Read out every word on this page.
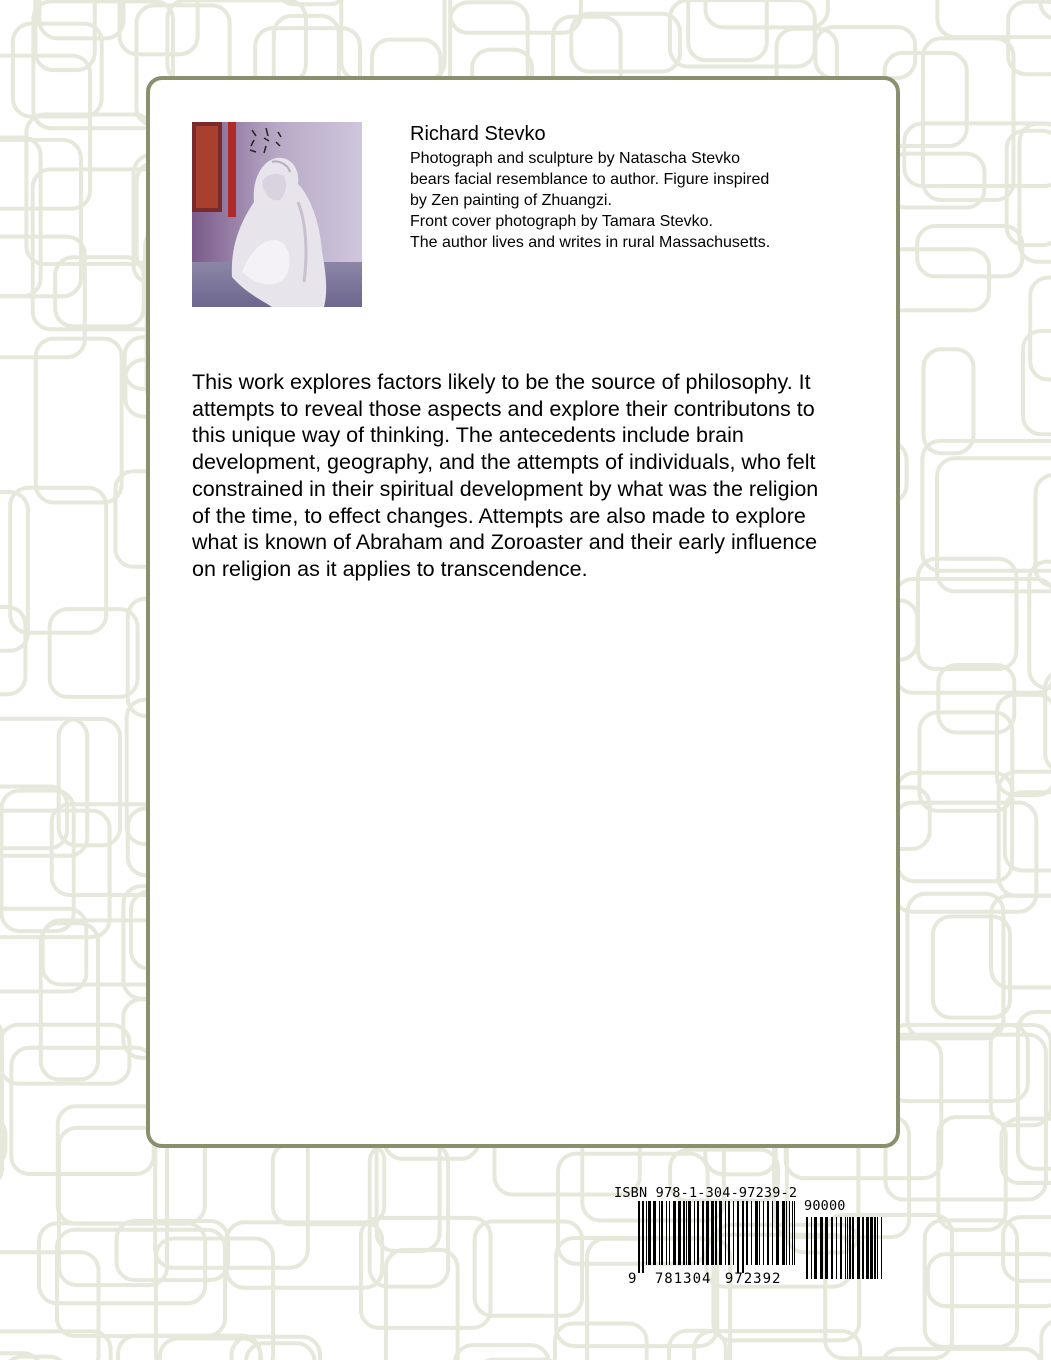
Richard Stevko
Photograph and sculpture by Natascha Stevko
bears facial resemblance to author. Figure inspired
by Zen painting of Zhuangzi.
Front cover photograph by Tamara Stevko.
The author lives and writes in rural Massachusetts.
This work explores factors likely to be the source of philosophy. It attempts to reveal those aspects and explore their contributons to this unique way of thinking. The antecedents include brain development, geography, and the attempts of individuals, who felt constrained in their spiritual development by what was the religion of the time, to effect changes. Attempts are also made to explore what is known of Abraham and Zoroaster and their early influence on religion as it applies to transcendence.
ISBN 978-1-304-97239-2
90000
9 781304 972392
